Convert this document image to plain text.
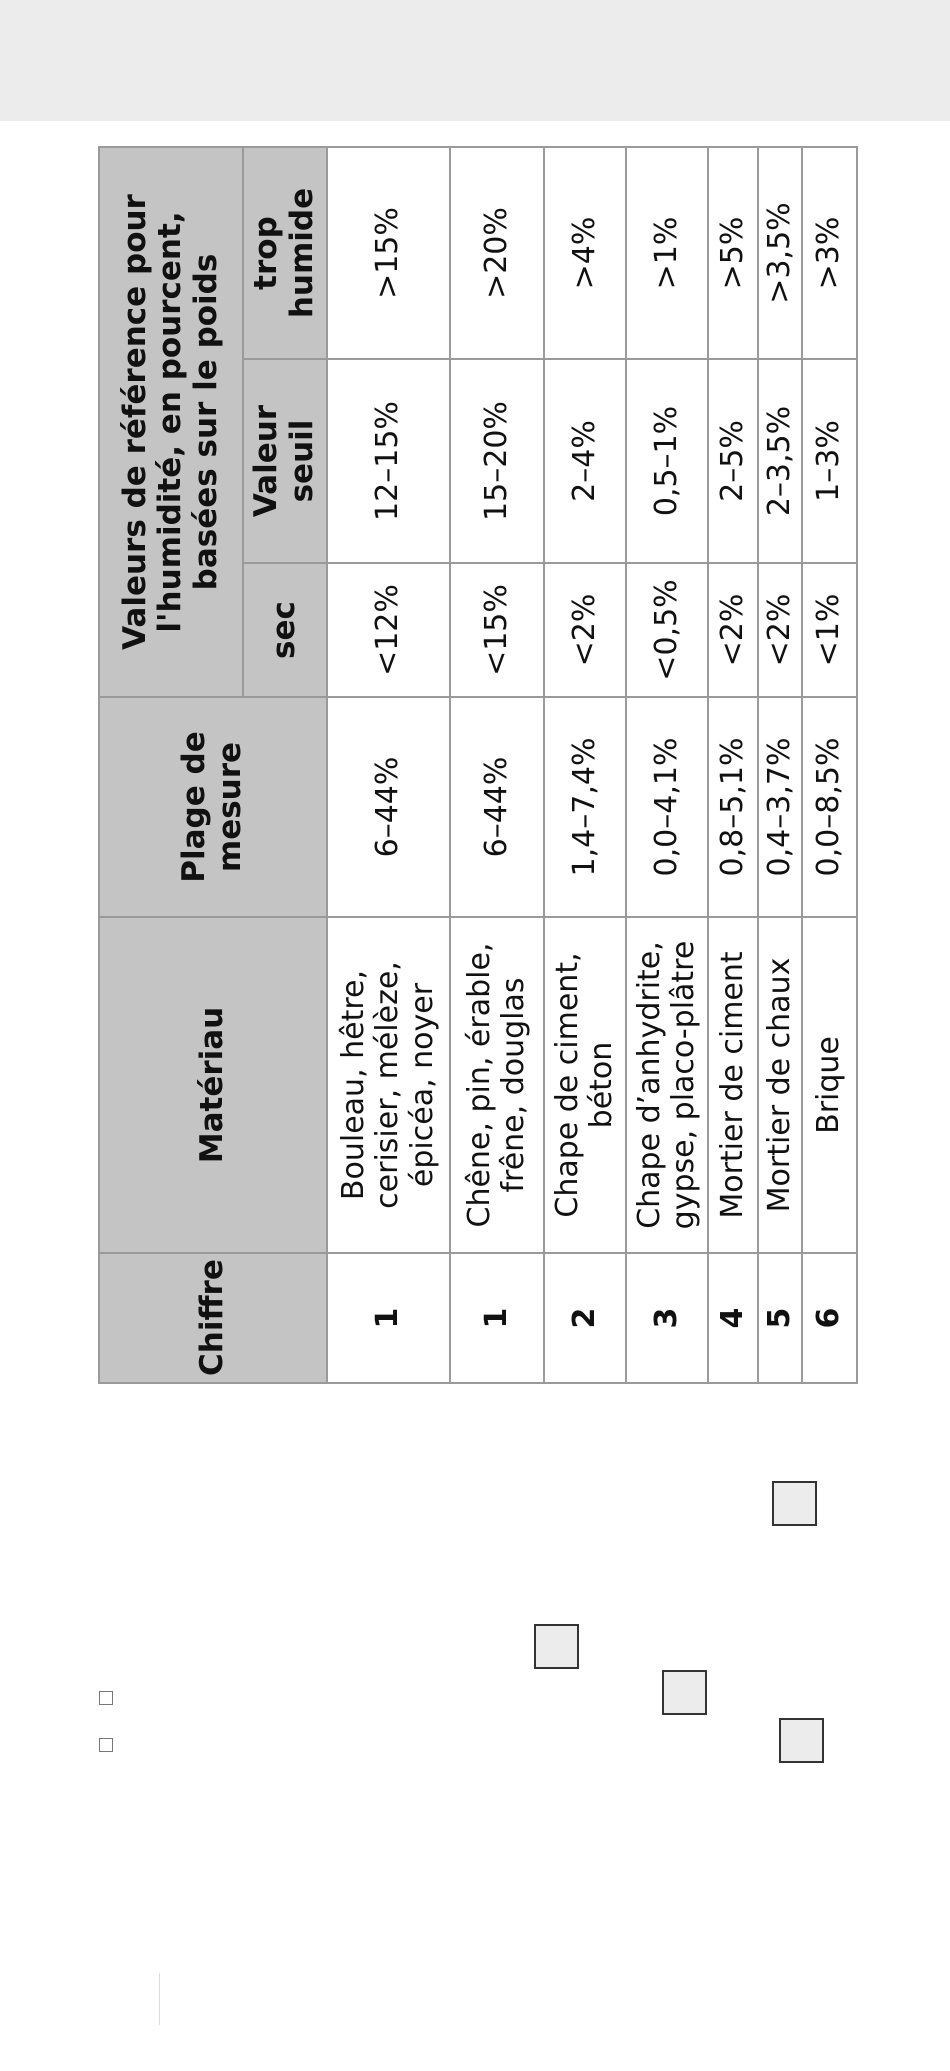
Chiffre	Matériau	Plage de mesure	Valeurs de référence pour l'humidité, en pourcent, basées sur le poids		
			sec	Valeur seuil	trop humide
1	Bouleau, hêtre, cerisier, mélèze, épicéa, noyer	6–44%	<12%	12–15%	>15%
1	Chêne, pin, érable, frêne, douglas	6–44%	<15%	15–20%	>20%
2	Chape de ciment, béton	1,4–7,4%	<2%	2–4%	>4%
3	Chape d’anhydrite, gypse, placo-plâtre	0,0–4,1%	<0,5%	0,5–1%	>1%
4	Mortier de ciment	0,8–5,1%	<2%	2–5%	>5%
5	Mortier de chaux	0,4–3,7%	<2%	2–3,5%	>3,5%
6	Brique	0,0–8,5%	<1%	1–3%	>3%
